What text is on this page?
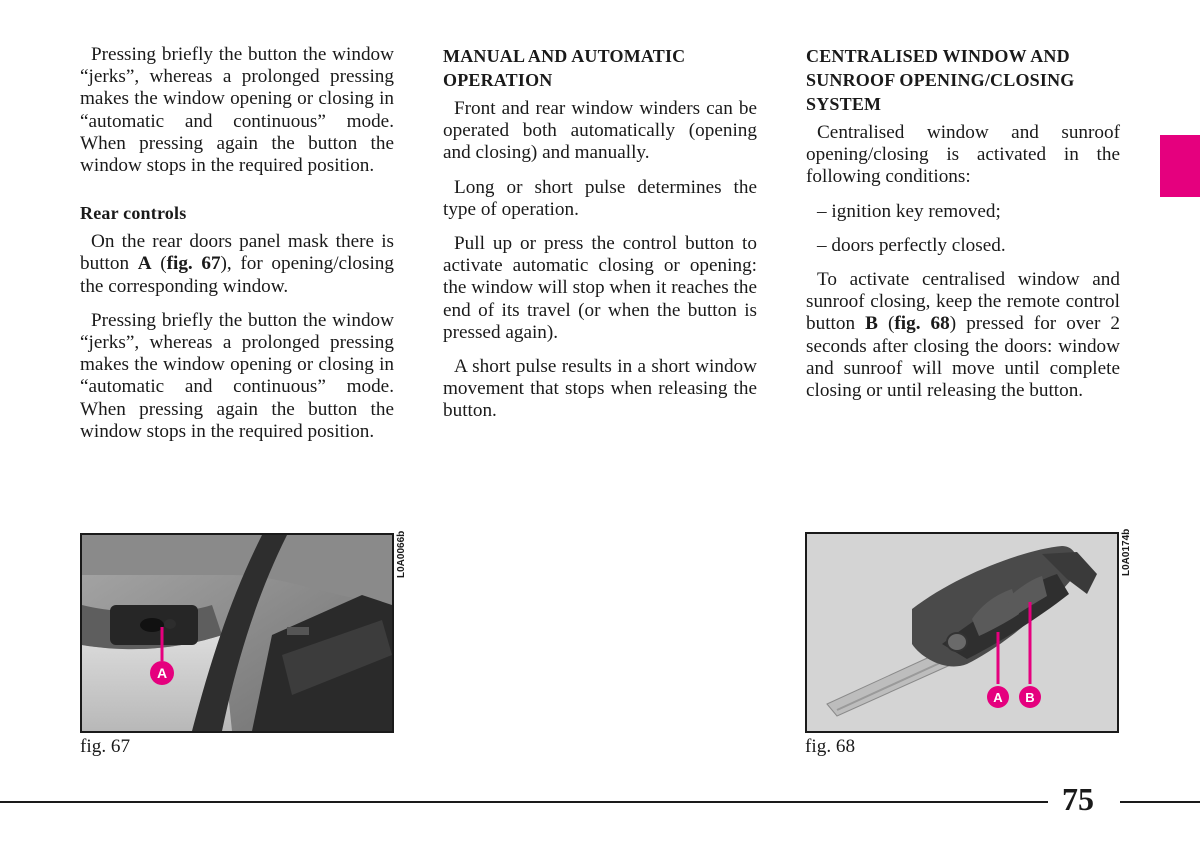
Pressing briefly the button the window “jerks”, whereas a prolonged pressing makes the window opening or closing in “automatic and continuous” mode. When pressing again the button the window stops in the required position.

Rear controls

On the rear doors panel mask there is button A (fig. 67), for opening/closing the corresponding window.

Pressing briefly the button the window “jerks”, whereas a prolonged pressing makes the window opening or closing in “automatic and continuous” mode. When pressing again the button the window stops in the required position.

MANUAL AND AUTOMATIC OPERATION

Front and rear window winders can be operated both automatically (opening and closing) and manually.

Long or short pulse determines the type of operation.

Pull up or press the control button to activate automatic closing or opening: the window will stop when it reaches the end of its travel (or when the button is pressed again).

A short pulse results in a short window movement that stops when releasing the button.

CENTRALISED WINDOW AND SUNROOF OPENING/CLOSING SYSTEM

Centralised window and sunroof opening/closing is activated in the following conditions:

– ignition key removed;

– doors perfectly closed.

To activate centralised window and sunroof closing, keep the remote control button B (fig. 68) pressed for over 2 seconds after closing the doors: window and sunroof will move until complete closing or until releasing the button.

A
L0A0066b
fig. 67
A B
L0A0174b
fig. 68
75
